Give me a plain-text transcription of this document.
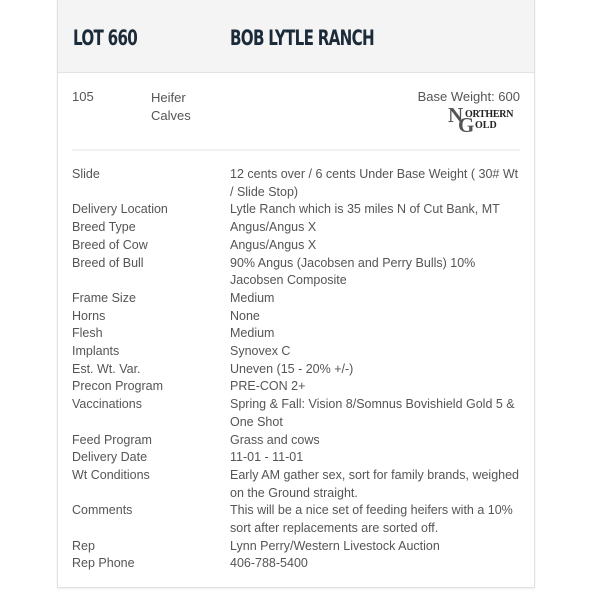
LOT 660	BOB LYTLE RANCH
105	Heifer
Calves
Base Weight: 600
N ORTHERN
G OLD
Slide	12 cents over / 6 cents Under Base Weight ( 30# Wt / Slide Stop)
Delivery Location	Lytle Ranch which is 35 miles N of Cut Bank, MT
Breed Type	Angus/Angus X
Breed of Cow	Angus/Angus X
Breed of Bull	90% Angus (Jacobsen and Perry Bulls) 10% Jacobsen Composite
Frame Size	Medium
Horns	None
Flesh	Medium
Implants	Synovex C
Est. Wt. Var.	Uneven (15 - 20% +/-)
Precon Program	PRE-CON 2+
Vaccinations	Spring & Fall: Vision 8/Somnus Bovishield Gold 5 & One Shot
Feed Program	Grass and cows
Delivery Date	11-01 - 11-01
Wt Conditions	Early AM gather sex, sort for family brands, weighed on the Ground straight.
Comments	This will be a nice set of feeding heifers with a 10% sort after replacements are sorted off.
Rep	Lynn Perry/Western Livestock Auction
Rep Phone	406-788-5400
